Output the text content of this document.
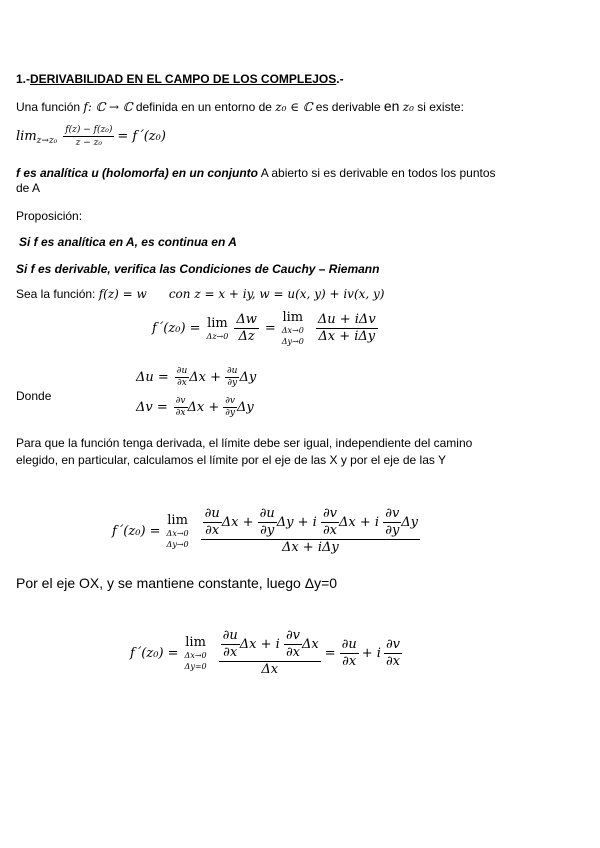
1.-DERIVABILIDAD EN EL CAMPO DE LOS COMPLEJOS.-
Una función f: ℂ → ℂ definida en un entorno de z₀ ∈ ℂ es derivable en z₀ si existe:
$\lim z\to z_0 \frac{\text{f(z) − f(z₀)}}{\text{z − z₀}}$ = f´(z₀)
f es analítica u (holomorfa) en un conjunto A abierto si es derivable en todos los puntos
de A
Proposición:
Si f es analítica en A, es continua en A
Si f es derivable, verifica las Condiciones de Cauchy – Riemann
Sea la función: f(z) = w con z = x + iy, w = u(x, y) + iv(x, y)
f´(z₀) = lim
$\Delta z\to 0 \frac{\Delta w}{\Delta z}$ =
lim
Δx→0
$\Delta y\to 0 \frac{\text{Δu + iΔv}}{\text{Δx + iΔy}}$
Donde
$\Delta u = \frac{\partial u}{\partial x}$ $\Delta x + \frac{\partial u}{\partial y}$ Δy
$\Delta v = \frac{\partial v}{\partial x}$ $\Delta x + \frac{\partial v}{\partial y}$ Δy
Para que la función tenga derivada, el límite debe ser igual, independiente del camino
elegido, en particular, calculamos el límite por el eje de las X y por el eje de las Y
f´(z₀) =
lim
Δx→0
$\Delta y\to 0 \frac{\frac{\partial u}{\partial x} \Delta x + \frac{\partial u}{\partial y} \Delta y + i \frac{\partial v}{\partial x} \Delta x + i \frac{\partial v}{\partial y} \Delta y}{\text{Δx + iΔy}}$
Por el eje OX, y se mantiene constante, luego Δy=0
f´(z₀) =
lim
Δx→0
$\Delta y=0 \frac{\frac{\partial u}{\partial x} \Delta x + i \frac{\partial v}{\partial x} \Delta x}{\Delta x} = \frac{\partial u}{\partial x} + i \frac{\partial v}{\partial x}$
